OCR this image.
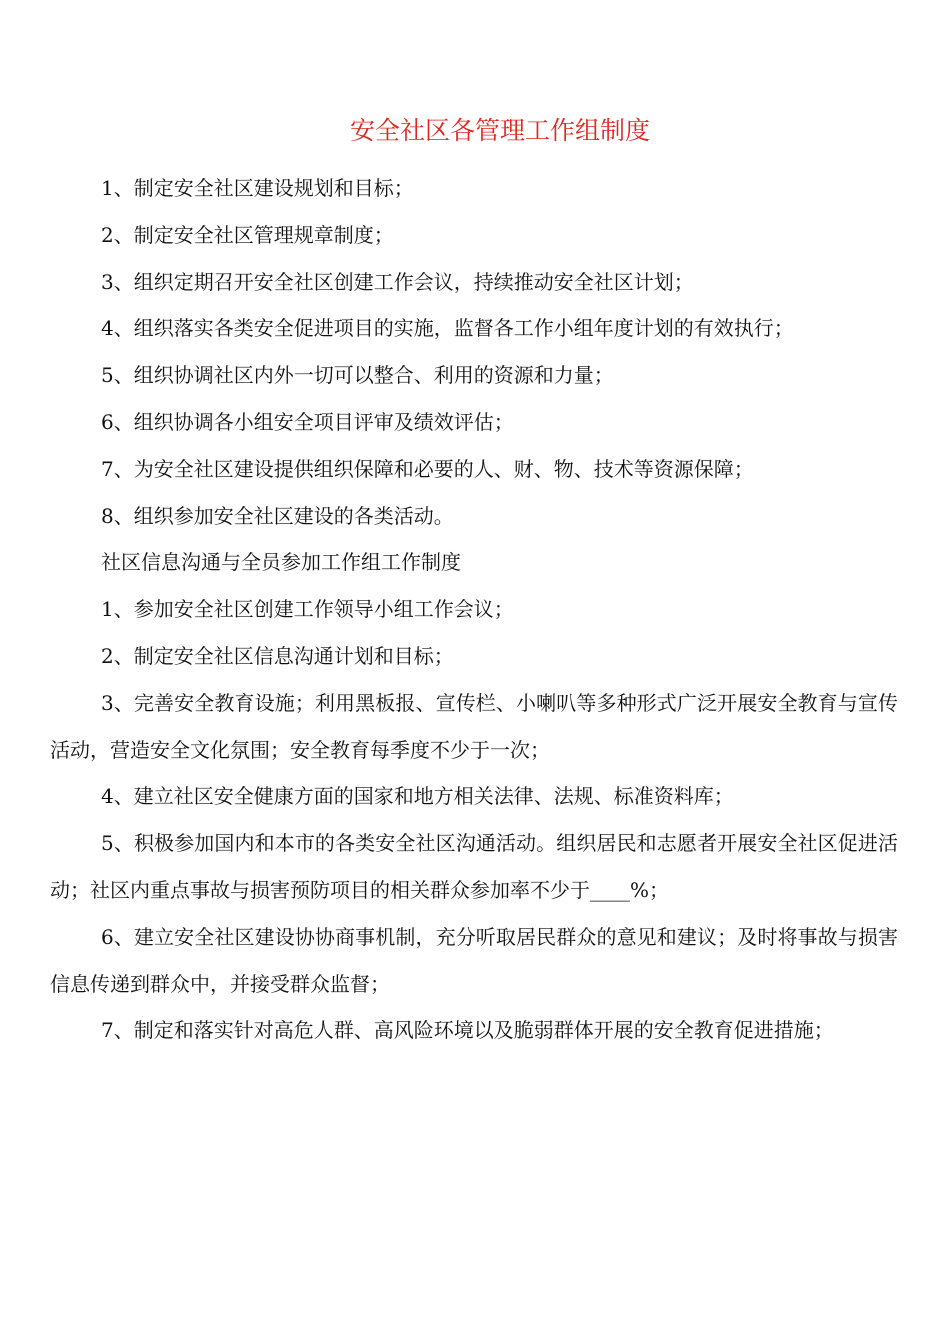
安全社区各管理工作组制度

1、制定安全社区建设规划和目标；

2、制定安全社区管理规章制度；

3、组织定期召开安全社区创建工作会议，持续推动安全社区计划；

4、组织落实各类安全促进项目的实施，监督各工作小组年度计划的有效执行；

5、组织协调社区内外一切可以整合、利用的资源和力量；

6、组织协调各小组安全项目评审及绩效评估；

7、为安全社区建设提供组织保障和必要的人、财、物、技术等资源保障；

8、组织参加安全社区建设的各类活动。

社区信息沟通与全员参加工作组工作制度

1、参加安全社区创建工作领导小组工作会议；

2、制定安全社区信息沟通计划和目标；

3、完善安全教育设施；利用黑板报、宣传栏、小喇叭等多种形式广泛开展安全教育与宣传活动，营造安全文化氛围；安全教育每季度不少于一次；

4、建立社区安全健康方面的国家和地方相关法律、法规、标准资料库；

5、积极参加国内和本市的各类安全社区沟通活动。组织居民和志愿者开展安全社区促进活动；社区内重点事故与损害预防项目的相关群众参加率不少于____%；

6、建立安全社区建设协协商事机制，充分听取居民群众的意见和建议；及时将事故与损害信息传递到群众中，并接受群众监督；

7、制定和落实针对高危人群、高风险环境以及脆弱群体开展的安全教育促进措施；
